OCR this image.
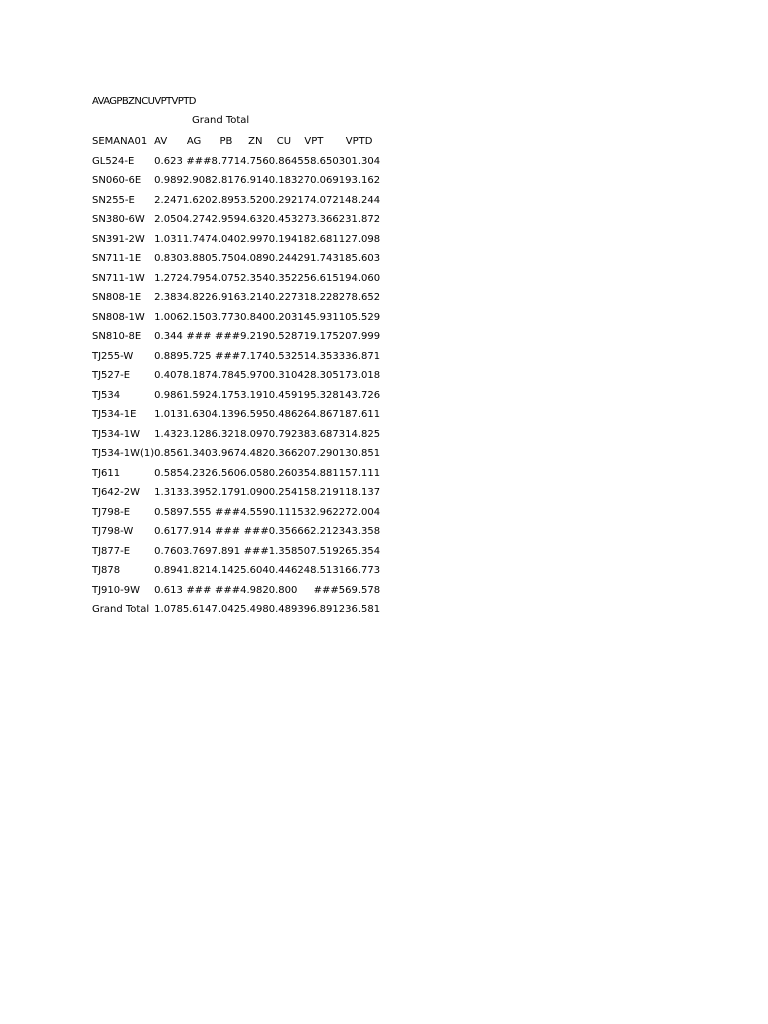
AVAGPBZNCUVPTVPTD
Grand Total
SEMANA01	AV	AG	PB	ZN	CU	VPT	VPTD
GL524-E	0.623	###	8.771	4.756	0.864	558.650	301.304
SN060-6E	0.989	2.908	2.817	6.914	0.183	270.069	193.162
SN255-E	2.247	1.620	2.895	3.520	0.292	174.072	148.244
SN380-6W	2.050	4.274	2.959	4.632	0.453	273.366	231.872
SN391-2W	1.031	1.747	4.040	2.997	0.194	182.681	127.098
SN711-1E	0.830	3.880	5.750	4.089	0.244	291.743	185.603
SN711-1W	1.272	4.795	4.075	2.354	0.352	256.615	194.060
SN808-1E	2.383	4.822	6.916	3.214	0.227	318.228	278.652
SN808-1W	1.006	2.150	3.773	0.840	0.203	145.931	105.529
SN810-8E	0.344	###	###	9.219	0.528	719.175	207.999
TJ255-W	0.889	5.725	###	7.174	0.532	514.353	336.871
TJ527-E	0.407	8.187	4.784	5.970	0.310	428.305	173.018
TJ534	0.986	1.592	4.175	3.191	0.459	195.328	143.726
TJ534-1E	1.013	1.630	4.139	6.595	0.486	264.867	187.611
TJ534-1W	1.432	3.128	6.321	8.097	0.792	383.687	314.825
TJ534-1W(1)	0.856	1.340	3.967	4.482	0.366	207.290	130.851
TJ611	0.585	4.232	6.560	6.058	0.260	354.881	157.111
TJ642-2W	1.313	3.395	2.179	1.090	0.254	158.219	118.137
TJ798-E	0.589	7.555	###	4.559	0.111	532.962	272.004
TJ798-W	0.617	7.914	###	###	0.356	662.212	343.358
TJ877-E	0.760	3.769	7.891	###	1.358	507.519	265.354
TJ878	0.894	1.821	4.142	5.604	0.446	248.513	166.773
TJ910-9W	0.613	###	###	4.982	0.800	###	569.578
Grand Total	1.078	5.614	7.042	5.498	0.489	396.891	236.581
